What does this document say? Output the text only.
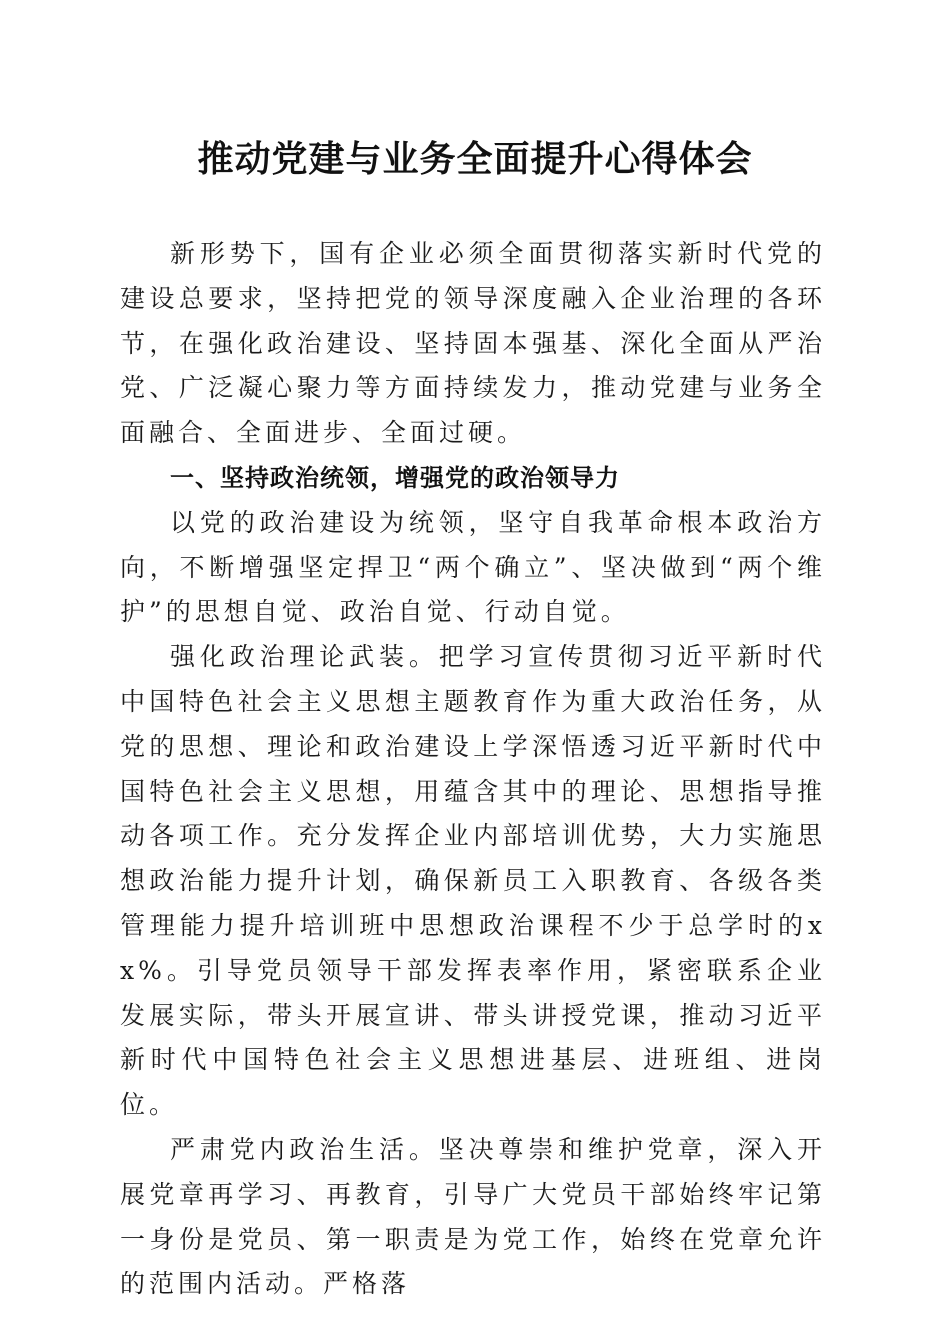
推动党建与业务全面提升心得体会

新形势下，国有企业必须全面贯彻落实新时代党的建设总要求，坚持把党的领导深度融入企业治理的各环节，在强化政治建设、坚持固本强基、深化全面从严治党、广泛凝心聚力等方面持续发力，推动党建与业务全面融合、全面进步、全面过硬。

一、坚持政治统领，增强党的政治领导力

以党的政治建设为统领，坚守自我革命根本政治方向，不断增强坚定捍卫“两个确立”、坚决做到“两个维护”的思想自觉、政治自觉、行动自觉。

强化政治理论武装。把学习宣传贯彻习近平新时代中国特色社会主义思想主题教育作为重大政治任务，从党的思想、理论和政治建设上学深悟透习近平新时代中国特色社会主义思想，用蕴含其中的理论、思想指导推动各项工作。充分发挥企业内部培训优势，大力实施思想政治能力提升计划，确保新员工入职教育、各级各类管理能力提升培训班中思想政治课程不少于总学时的xx%。引导党员领导干部发挥表率作用，紧密联系企业发展实际，带头开展宣讲、带头讲授党课，推动习近平新时代中国特色社会主义思想进基层、进班组、进岗位。

严肃党内政治生活。坚决尊崇和维护党章，深入开展党章再学习、再教育，引导广大党员干部始终牢记第一身份是党员、第一职责是为党工作，始终在党章允许的范围内活动。严格落
